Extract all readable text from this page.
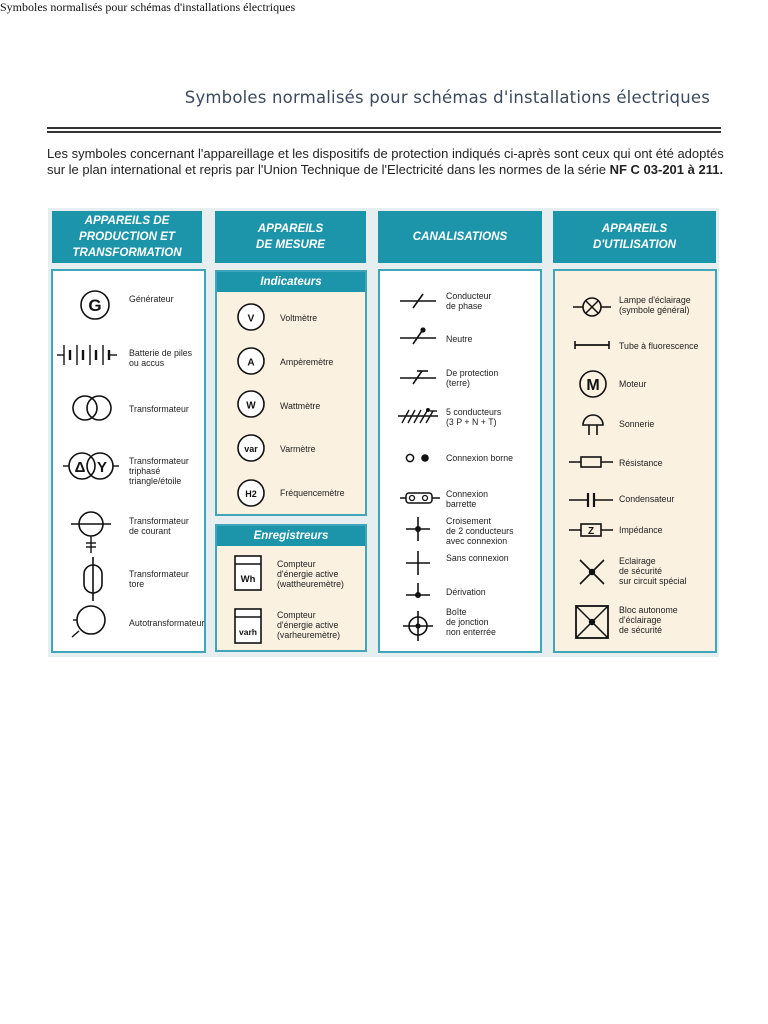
Symboles normalisés pour schémas d'installations électriques
Symboles normalisés pour schémas d'installations électriques
Les symboles concernant l'appareillage et les dispositifs de protection indiqués ci-après sont ceux qui ont été adoptés sur le plan international et repris par l'Union Technique de l'Electricité dans les normes de la série NF C 03-201 à 211.
APPAREILS DE
PRODUCTION ET
TRANSFORMATION
G	Générateur
Batterie de piles
ou accus
Transformateur
Δ Y Transformateur
triphasé
triangle/étoile
Transformateur
de courant
Transformateur
tore
Autotransformateur
APPAREILS
DE MESURE
Indicateurs
V	Voltmètre
A	Ampèremètre
W	Wattmètre
var	Varmètre
H2	Fréquencemètre
Enregistreurs
Wh
Compteur
d'énergie active
(wattheuremètre)
varh
Compteur
d'énergie active
(varheuremètre)
CANALISATIONS
Conducteur
de phase
Neutre
De protection
(terre)
5 conducteurs
(3 P + N + T)
Connexion borne
Connexion
barrette
Croisement
de 2 conducteurs
avec connexion
Sans connexion
Dérivation
Boîte
de jonction
non enterrée
APPAREILS
D'UTILISATION
Lampe d'éclairage
(symbole général)
Tube à fluorescence
M Moteur
Sonnerie
Résistance
Condensateur
Z	Impédance
Eclairage
de sécurité
sur circuit spécial
Bloc autonome
d'éclairage
de sécurité
